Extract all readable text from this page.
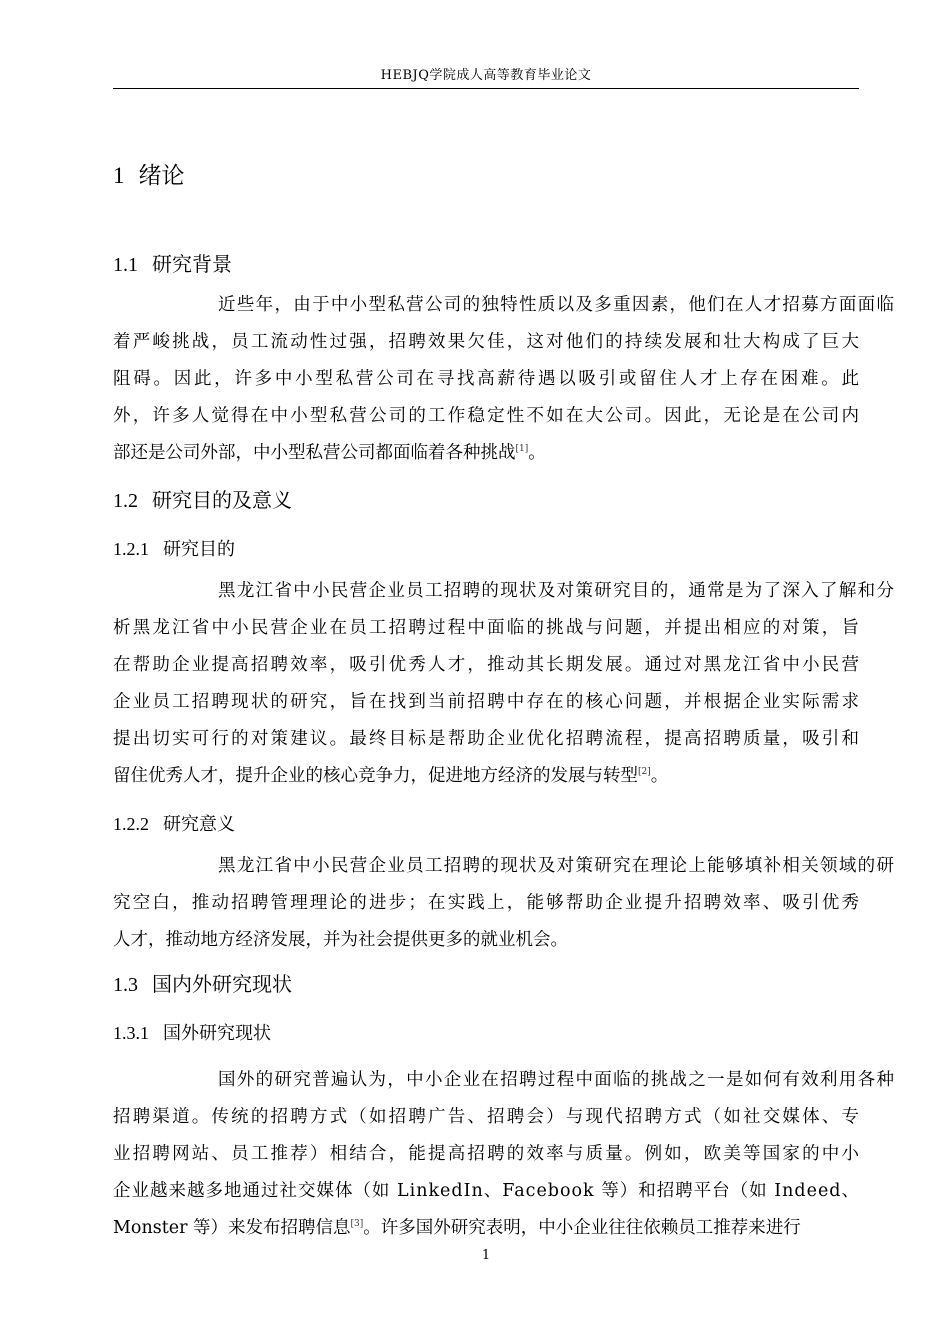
HEBJQ学院成人高等教育毕业论文
1 绪论
1.1 研究背景
近些年，由于中小型私营公司的独特性质以及多重因素，他们在人才招募方面面临
着严峻挑战，员工流动性过强，招聘效果欠佳，这对他们的持续发展和壮大构成了巨大
阻碍。因此，许多中小型私营公司在寻找高薪待遇以吸引或留住人才上存在困难。此
外，许多人觉得在中小型私营公司的工作稳定性不如在大公司。因此，无论是在公司内
部还是公司外部，中小型私营公司都面临着各种挑战[1]。
1.2 研究目的及意义
1.2.1 研究目的
黑龙江省中小民营企业员工招聘的现状及对策研究目的，通常是为了深入了解和分
析黑龙江省中小民营企业在员工招聘过程中面临的挑战与问题，并提出相应的对策，旨
在帮助企业提高招聘效率，吸引优秀人才，推动其长期发展。通过对黑龙江省中小民营
企业员工招聘现状的研究，旨在找到当前招聘中存在的核心问题，并根据企业实际需求
提出切实可行的对策建议。最终目标是帮助企业优化招聘流程，提高招聘质量，吸引和
留住优秀人才，提升企业的核心竞争力，促进地方经济的发展与转型[2]。
1.2.2 研究意义
黑龙江省中小民营企业员工招聘的现状及对策研究在理论上能够填补相关领域的研
究空白，推动招聘管理理论的进步；在实践上，能够帮助企业提升招聘效率、吸引优秀
人才，推动地方经济发展，并为社会提供更多的就业机会。
1.3 国内外研究现状
1.3.1 国外研究现状
国外的研究普遍认为，中小企业在招聘过程中面临的挑战之一是如何有效利用各种
招聘渠道。传统的招聘方式（如招聘广告、招聘会）与现代招聘方式（如社交媒体、专
业招聘网站、员工推荐）相结合，能提高招聘的效率与质量。例如，欧美等国家的中小
企业越来越多地通过社交媒体（如 LinkedIn、Facebook 等）和招聘平台（如 Indeed、
Monster 等）来发布招聘信息[3]。许多国外研究表明，中小企业往往依赖员工推荐来进行
1
